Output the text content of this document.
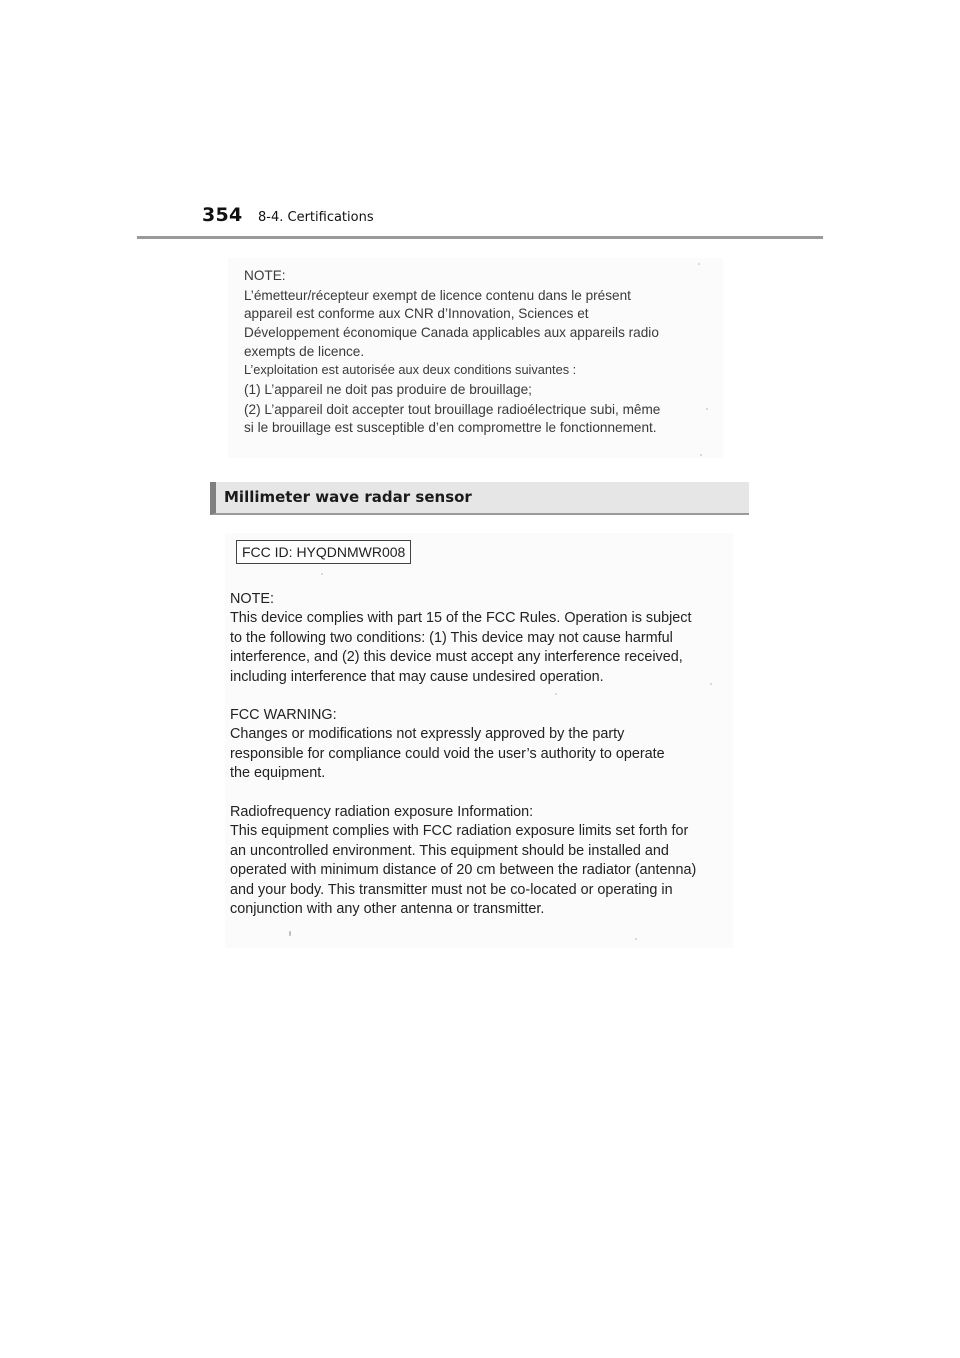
354 8-4. Certifications

NOTE:

L’émetteur/récepteur exempt de licence contenu dans le présent

appareil est conforme aux CNR d’Innovation, Sciences et

Développement économique Canada applicables aux appareils radio

exempts de licence.

L’exploitation est autorisée aux deux conditions suivantes :

(1) L’appareil ne doit pas produire de brouillage;

(2) L’appareil doit accepter tout brouillage radioélectrique subi, même

si le brouillage est susceptible d’en compromettre le fonctionnement.

Millimeter wave radar sensor
FCC ID: HYQDNMWR008
NOTE:
This device complies with part 15 of the FCC Rules. Operation is subject
to the following two conditions: (1) This device may not cause harmful
interference, and (2) this device must accept any interference received,
including interference that may cause undesired operation.
FCC WARNING:
Changes or modifications not expressly approved by the party
responsible for compliance could void the user’s authority to operate
the equipment.
Radiofrequency radiation exposure Information:
This equipment complies with FCC radiation exposure limits set forth for
an uncontrolled environment. This equipment should be installed and
operated with minimum distance of 20 cm between the radiator (antenna)
and your body. This transmitter must not be co-located or operating in
conjunction with any other antenna or transmitter.
